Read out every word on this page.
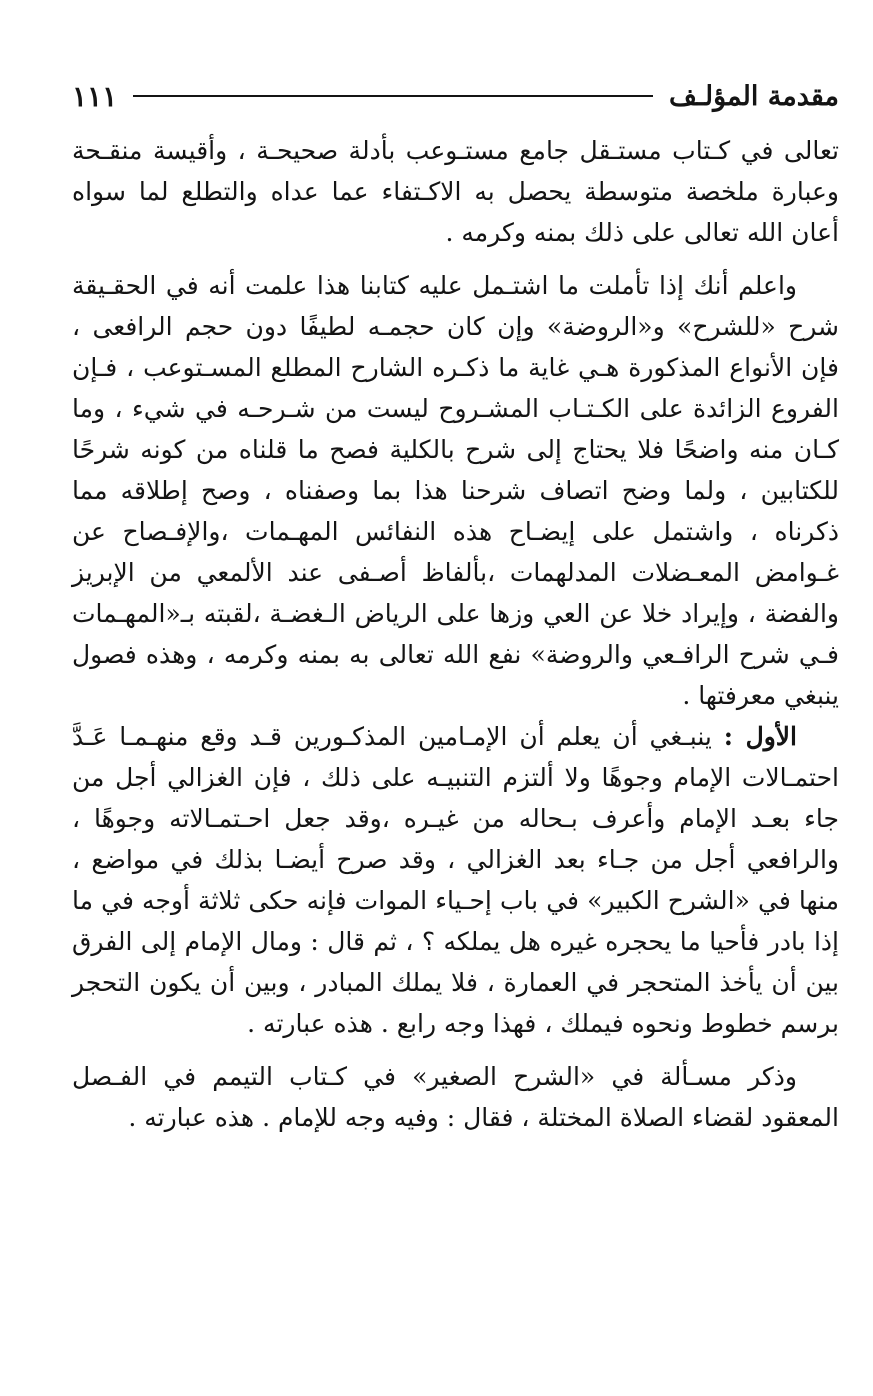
مقدمة المؤلـف
١١١

تعالى في كـتاب مستـقل جامع مستـوعب بأدلة صحيحـة ، وأقيسة منقـحة وعبارة ملخصة متوسطة يحصل به الاكـتفاء عما عداه والتطلع لما سواه أعان الله تعالى على ذلك بمنه وكرمه .

واعلم أنك إذا تأملت ما اشتـمل عليه كتابنا هذا علمت أنه في الحقـيقة شرح «للشرح» و«الروضة» وإن كان حجمـه لطيفًا دون حجم الرافعى ، فإن الأنواع المذكورة هـي غاية ما ذكـره الشارح المطلع المسـتوعب ، فـإن الفروع الزائدة على الكـتـاب المشـروح ليست من شـرحـه في شيء ، وما كـان منه واضحًا فلا يحتاج إلى شرح بالكلية فصح ما قلناه من كونه شرحًا للكتابين ، ولما وضح اتصاف شرحنا هذا بما وصفناه ، وصح إطلاقه مما ذكرناه ، واشتمل على إيضـاح هذه النفائس المهـمات ،والإفـصاح عن غـوامض المعـضلات المدلهمات ،بألفاظ أصـفى عند الألمعي من الإبريز والفضة ، وإيراد خلا عن العي وزها على الرياض الـغضـة ،لقبته بـ«المهـمات فـي شرح الرافـعي والروضة» نفع الله تعالى به بمنه وكرمه ، وهذه فصول ينبغي معرفتها .

الأول : ينبـغي أن يعلم أن الإمـامين المذكـورين قـد وقع منهـمـا عَـدَّ احتمـالات الإمام وجوهًا ولا ألتزم التنبيـه على ذلك ، فإن الغزالي أجل من جاء بعـد الإمام وأعرف بـحاله من غيـره ،وقد جعل احـتمـالاته وجوهًا ، والرافعي أجل من جـاء بعد الغزالي ، وقد صرح أيضـا بذلك في مواضع ، منها في «الشرح الكبير» في باب إحـياء الموات فإنه حكى ثلاثة أوجه في ما إذا بادر فأحيا ما يحجره غيره هل يملكه ؟ ، ثم قال : ومال الإمام إلى الفرق بين أن يأخذ المتحجر في العمارة ، فلا يملك المبادر ، وبين أن يكون التحجر برسم خطوط ونحوه فيملك ، فهذا وجه رابع . هذه عبارته .

وذكر مسـألة في «الشرح الصغير» في كـتاب التيمم في الفـصل المعقود لقضاء الصلاة المختلة ، فقال : وفيه وجه للإمام . هذه عبارته .
